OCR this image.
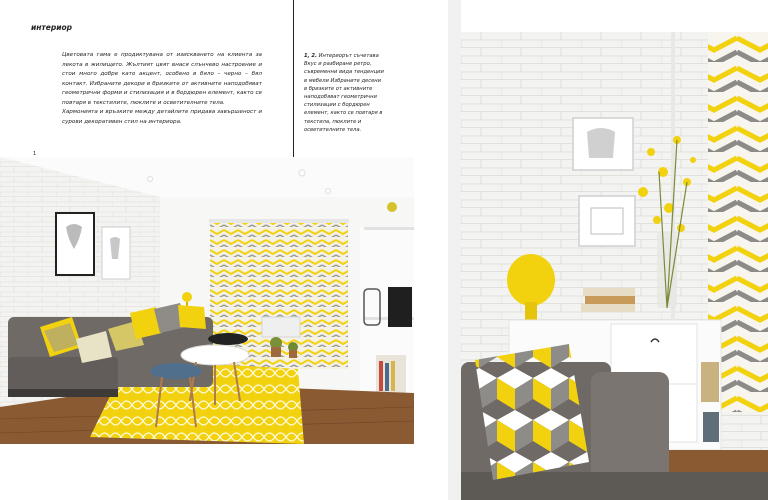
интериор

Цветовата гама е продиктувана от изискването на клиента за лекота в жилището. Жълтият цвят внася слънчево настроение и стои много добре като акцент, особено в бяло – черно – бял контакт. Избраните декори в бризките от активните наподобяват геометрични форми и стилизация и в бордюрен елемент, както се повтаря в текстилите, пюклите и осветителните тела.

Хармонията и връзките между детайлите придава завършеност и сурови декоративен стил на интериора.

1, 2. Интериорът съчетава Вкус и разбиране ретро, съвременни вида тенденции в мебели Избраните десени в бризките от активните наподобяват геометрични стилизации с бордюрен елемент, както се повтаря в текстила, пюклите и осветителните тела.
1
